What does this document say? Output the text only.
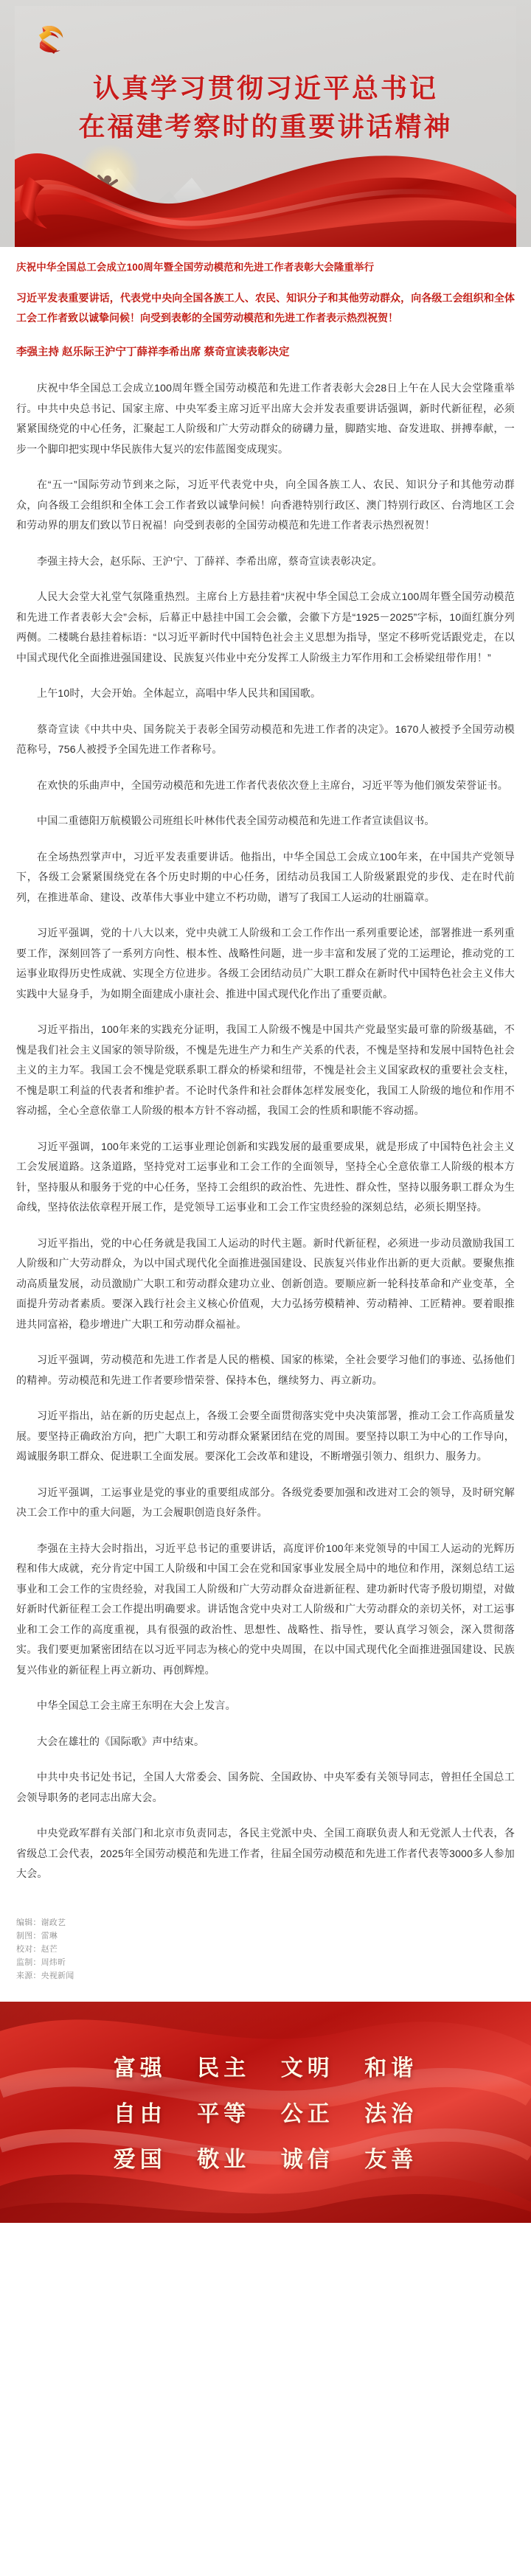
认真学习贯彻习近平总书记
在福建考察时的重要讲话精神
庆祝中华全国总工会成立100周年暨全国劳动模范和先进工作者表彰大会隆重举行
习近平发表重要讲话，代表党中央向全国各族工人、农民、知识分子和其他劳动群众，向各级工会组织和全体工会工作者致以诚挚问候！向受到表彰的全国劳动模范和先进工作者表示热烈祝贺！
李强主持 赵乐际王沪宁丁薛祥李希出席 蔡奇宣读表彰决定

庆祝中华全国总工会成立100周年暨全国劳动模范和先进工作者表彰大会28日上午在人民大会堂隆重举行。中共中央总书记、国家主席、中央军委主席习近平出席大会并发表重要讲话强调，新时代新征程，必须紧紧围绕党的中心任务，汇聚起工人阶级和广大劳动群众的磅礴力量，脚踏实地、奋发进取、拼搏奉献，一步一个脚印把实现中华民族伟大复兴的宏伟蓝图变成现实。

在“五一”国际劳动节到来之际，习近平代表党中央，向全国各族工人、农民、知识分子和其他劳动群众，向各级工会组织和全体工会工作者致以诚挚问候！向香港特别行政区、澳门特别行政区、台湾地区工会和劳动界的朋友们致以节日祝福！向受到表彰的全国劳动模范和先进工作者表示热烈祝贺！

李强主持大会，赵乐际、王沪宁、丁薛祥、李希出席，蔡奇宣读表彰决定。

人民大会堂大礼堂气氛隆重热烈。主席台上方悬挂着“庆祝中华全国总工会成立100周年暨全国劳动模范和先进工作者表彰大会”会标，后幕正中悬挂中国工会会徽，会徽下方是“1925－2025”字标，10面红旗分列两侧。二楼眺台悬挂着标语：“以习近平新时代中国特色社会主义思想为指导，坚定不移听党话跟党走，在以中国式现代化全面推进强国建设、民族复兴伟业中充分发挥工人阶级主力军作用和工会桥梁纽带作用！”

上午10时，大会开始。全体起立，高唱中华人民共和国国歌。

蔡奇宣读《中共中央、国务院关于表彰全国劳动模范和先进工作者的决定》。1670人被授予全国劳动模范称号，756人被授予全国先进工作者称号。

在欢快的乐曲声中，全国劳动模范和先进工作者代表依次登上主席台，习近平等为他们颁发荣誉证书。

中国二重德阳万航模锻公司班组长叶林伟代表全国劳动模范和先进工作者宣读倡议书。

在全场热烈掌声中，习近平发表重要讲话。他指出，中华全国总工会成立100年来，在中国共产党领导下，各级工会紧紧围绕党在各个历史时期的中心任务，团结动员我国工人阶级紧跟党的步伐、走在时代前列，在推进革命、建设、改革伟大事业中建立不朽功勋，谱写了我国工人运动的壮丽篇章。

习近平强调，党的十八大以来，党中央就工人阶级和工会工作作出一系列重要论述，部署推进一系列重要工作，深刻回答了一系列方向性、根本性、战略性问题，进一步丰富和发展了党的工运理论，推动党的工运事业取得历史性成就、实现全方位进步。各级工会团结动员广大职工群众在新时代中国特色社会主义伟大实践中大显身手，为如期全面建成小康社会、推进中国式现代化作出了重要贡献。

习近平指出，100年来的实践充分证明，我国工人阶级不愧是中国共产党最坚实最可靠的阶级基础，不愧是我们社会主义国家的领导阶级，不愧是先进生产力和生产关系的代表，不愧是坚持和发展中国特色社会主义的主力军。我国工会不愧是党联系职工群众的桥梁和纽带，不愧是社会主义国家政权的重要社会支柱，不愧是职工利益的代表者和维护者。不论时代条件和社会群体怎样发展变化，我国工人阶级的地位和作用不容动摇，全心全意依靠工人阶级的根本方针不容动摇，我国工会的性质和职能不容动摇。

习近平强调，100年来党的工运事业理论创新和实践发展的最重要成果，就是形成了中国特色社会主义工会发展道路。这条道路，坚持党对工运事业和工会工作的全面领导，坚持全心全意依靠工人阶级的根本方针，坚持服从和服务于党的中心任务，坚持工会组织的政治性、先进性、群众性，坚持以服务职工群众为生命线，坚持依法依章程开展工作，是党领导工运事业和工会工作宝贵经验的深刻总结，必须长期坚持。

习近平指出，党的中心任务就是我国工人运动的时代主题。新时代新征程，必须进一步动员激励我国工人阶级和广大劳动群众，为以中国式现代化全面推进强国建设、民族复兴伟业作出新的更大贡献。要聚焦推动高质量发展，动员激励广大职工和劳动群众建功立业、创新创造。要顺应新一轮科技革命和产业变革，全面提升劳动者素质。要深入践行社会主义核心价值观，大力弘扬劳模精神、劳动精神、工匠精神。要着眼推进共同富裕，稳步增进广大职工和劳动群众福祉。

习近平强调，劳动模范和先进工作者是人民的楷模、国家的栋梁，全社会要学习他们的事迹、弘扬他们的精神。劳动模范和先进工作者要珍惜荣誉、保持本色，继续努力、再立新功。

习近平指出，站在新的历史起点上，各级工会要全面贯彻落实党中央决策部署，推动工会工作高质量发展。要坚持正确政治方向，把广大职工和劳动群众紧紧团结在党的周围。要坚持以职工为中心的工作导向，竭诚服务职工群众、促进职工全面发展。要深化工会改革和建设，不断增强引领力、组织力、服务力。

习近平强调，工运事业是党的事业的重要组成部分。各级党委要加强和改进对工会的领导，及时研究解决工会工作中的重大问题，为工会履职创造良好条件。

李强在主持大会时指出，习近平总书记的重要讲话，高度评价100年来党领导的中国工人运动的光辉历程和伟大成就，充分肯定中国工人阶级和中国工会在党和国家事业发展全局中的地位和作用，深刻总结工运事业和工会工作的宝贵经验，对我国工人阶级和广大劳动群众奋进新征程、建功新时代寄予殷切期望，对做好新时代新征程工会工作提出明确要求。讲话饱含党中央对工人阶级和广大劳动群众的亲切关怀，对工运事业和工会工作的高度重视，具有很强的政治性、思想性、战略性、指导性，要认真学习领会，深入贯彻落实。我们要更加紧密团结在以习近平同志为核心的党中央周围，在以中国式现代化全面推进强国建设、民族复兴伟业的新征程上再立新功、再创辉煌。

中华全国总工会主席王东明在大会上发言。

大会在雄壮的《国际歌》声中结束。

中共中央书记处书记，全国人大常委会、国务院、全国政协、中央军委有关领导同志，曾担任全国总工会领导职务的老同志出席大会。

中央党政军群有关部门和北京市负责同志，各民主党派中央、全国工商联负责人和无党派人士代表，各省级总工会代表，2025年全国劳动模范和先进工作者，往届全国劳动模范和先进工作者代表等3000多人参加大会。

编辑：谢政艺
制图：雷琳
校对：赵芒
监制：周炜昕
来源：央视新闻
富强 民主 文明 和谐
自由 平等 公正 法治
爱国 敬业 诚信 友善
